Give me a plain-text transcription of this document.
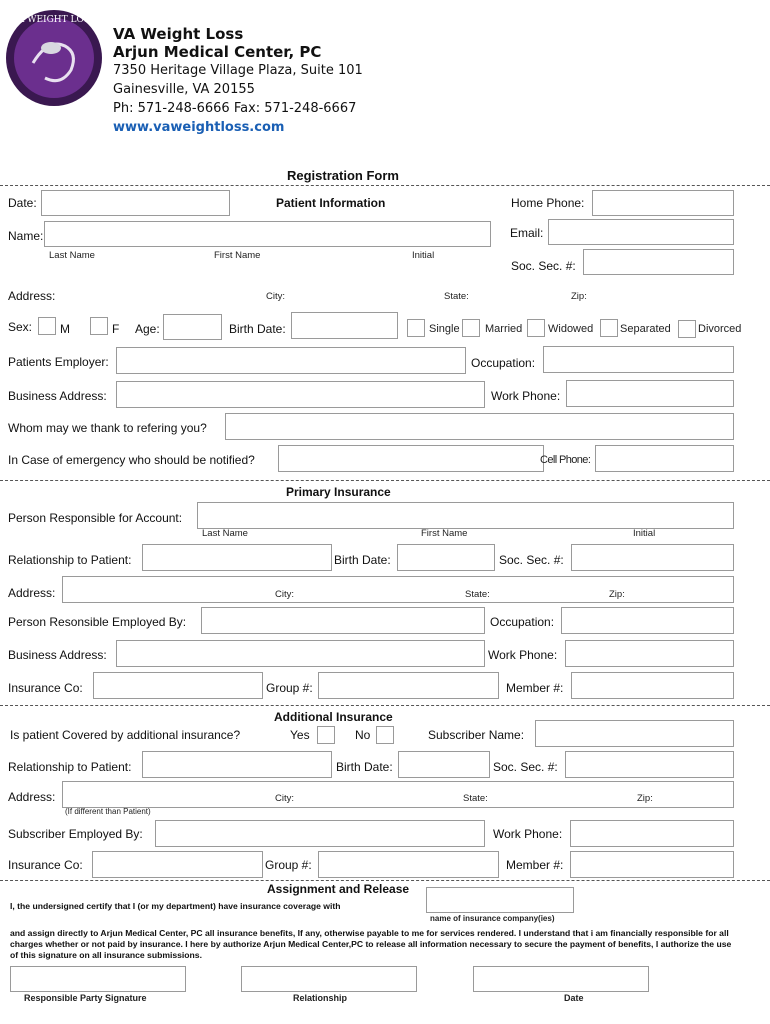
VA WEIGHT LOSS
VA Weight Loss
Arjun Medical Center, PC
7350 Heritage Village Plaza, Suite 101
Gainesville, VA 20155
Ph: 571-248-6666 Fax: 571-248-6667
www.vaweightloss.com
Registration Form
Date:	Patient Information	Home Phone:
Name:	Email:
Last Name	First Name	Initial
Soc. Sec. #:
Address:	City:	State:	Zip:
Sex: M	F Age:	Birth Date:	Single Married Widowed Separated Divorced
Patients Employer:	Occupation:
Business Address:	Work Phone:
Whom may we thank to refering you?
In Case of emergency who should be notified?	Cell Phone:
Primary Insurance
Person Responsible for Account:
Last Name	First Name	Initial
Relationship to Patient:	Birth Date:	Soc. Sec. #:
Address:	City:	State:	Zip:
Person Resonsible Employed By:	Occupation:
Business Address:	Work Phone:
Insurance Co:	Group #:	Member #:
Additional Insurance
Is patient Covered by additional insurance?	Yes	No	Subscriber Name:
Relationship to Patient:	Birth Date:	Soc. Sec. #:
Address:	City:	State:	Zip:
(If different than Patient)
Subscriber Employed By:	Work Phone:
Insurance Co:	Group #:	Member #:
Assignment and Release
I, the undersigned certify that I (or my department) have insurance coverage with
name of insurance company(ies)
and assign directly to Arjun Medical Center, PC all insurance benefits, If any, otherwise payable to me for services rendered. I understand that i am financially responsible for all charges whether or not paid by insurance. I here by authorize Arjun Medical Center,PC to release all information necessary to secure the payment of benefits, I authorize the use of this signature on all insurance submissions.
Responsible Party Signature	Relationship	Date
